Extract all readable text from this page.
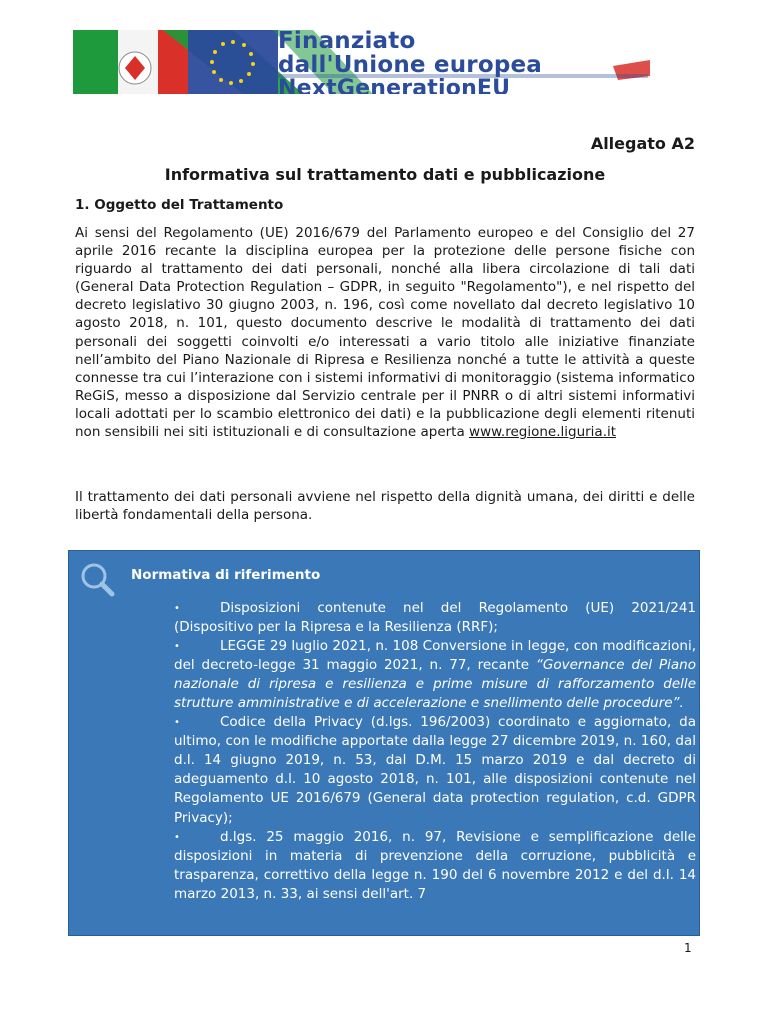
Finanziato
dall'Unione europea
NextGenerationEU
Allegato A2
Informativa sul trattamento dati e pubblicazione
1. Oggetto del Trattamento

Ai sensi del Regolamento (UE) 2016/679 del Parlamento europeo e del Consiglio del 27 aprile 2016 recante la disciplina europea per la protezione delle persone fisiche con riguardo al trattamento dei dati personali, nonché alla libera circolazione di tali dati (General Data Protection Regulation – GDPR, in seguito "Regolamento"), e nel rispetto del decreto legislativo 30 giugno 2003, n. 196, così come novellato dal decreto legislativo 10 agosto 2018, n. 101, questo documento descrive le modalità di trattamento dei dati personali dei soggetti coinvolti e/o interessati a vario titolo alle iniziative finanziate nell’ambito del Piano Nazionale di Ripresa e Resilienza nonché a tutte le attività a queste connesse tra cui l’interazione con i sistemi informativi di monitoraggio (sistema informatico ReGiS, messo a disposizione dal Servizio centrale per il PNRR o di altri sistemi informativi locali adottati per lo scambio elettronico dei dati) e la pubblicazione degli elementi ritenuti non sensibili nei siti istituzionali e di consultazione aperta www.regione.liguria.it

Il trattamento dei dati personali avviene nel rispetto della dignità umana, dei diritti e delle libertà fondamentali della persona.

Normativa di riferimento
•	Disposizioni contenute nel del Regolamento (UE) 2021/241 (Dispositivo per la Ripresa e la Resilienza (RRF);
•	LEGGE 29 luglio 2021, n. 108 Conversione in legge, con modificazioni, del decreto-legge 31 maggio 2021, n. 77, recante “Governance del Piano nazionale di ripresa e resilienza e prime misure di rafforzamento delle strutture amministrative e di accelerazione e snellimento delle procedure”.
•	Codice della Privacy (d.lgs. 196/2003) coordinato e aggiornato, da ultimo, con le modifiche apportate dalla legge 27 dicembre 2019, n. 160, dal d.l. 14 giugno 2019, n. 53, dal D.M. 15 marzo 2019 e dal decreto di adeguamento d.l. 10 agosto 2018, n. 101, alle disposizioni contenute nel Regolamento UE 2016/679 (General data protection regulation, c.d. GDPR Privacy);
•	d.lgs. 25 maggio 2016, n. 97, Revisione e semplificazione delle disposizioni in materia di prevenzione della corruzione, pubblicità e trasparenza, correttivo della legge n. 190 del 6 novembre 2012 e del d.l. 14 marzo 2013, n. 33, ai sensi dell'art. 7
1
